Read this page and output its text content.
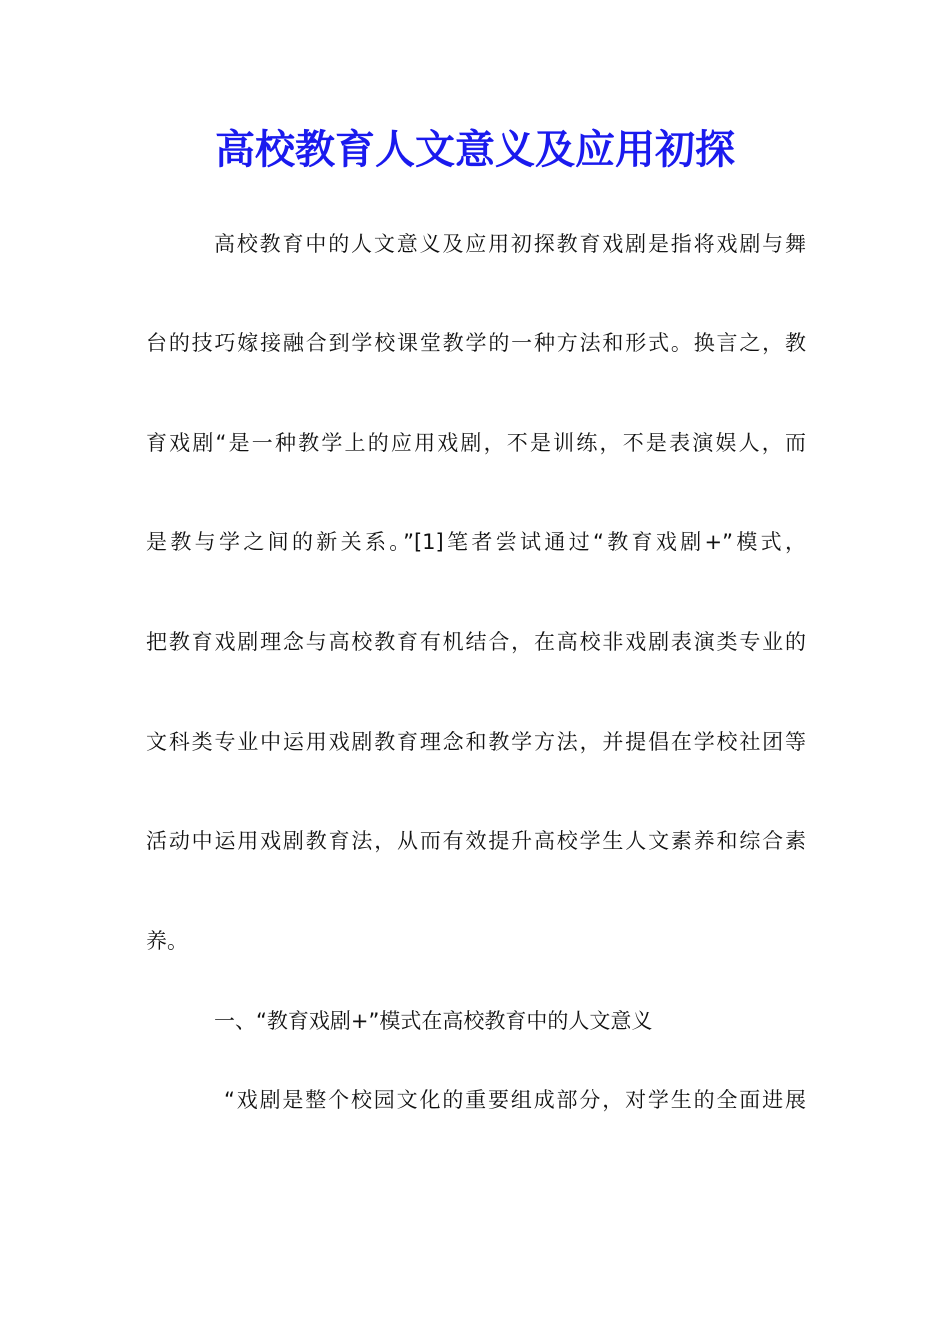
高校教育人文意义及应用初探
高校教育中的人文意义及应用初探教育戏剧是指将戏剧与舞
台的技巧嫁接融合到学校课堂教学的一种方法和形式。换言之，教
育戏剧“是一种教学上的应用戏剧，不是训练，不是表演娱人，而
是教与学之间的新关系。”[1]笔者尝试通过“教育戏剧+”模式，
把教育戏剧理念与高校教育有机结合，在高校非戏剧表演类专业的
文科类专业中运用戏剧教育理念和教学方法，并提倡在学校社团等
活动中运用戏剧教育法，从而有效提升高校学生人文素养和综合素
养。
一、“教育戏剧+”模式在高校教育中的人文意义
“戏剧是整个校园文化的重要组成部分，对学生的全面进展
